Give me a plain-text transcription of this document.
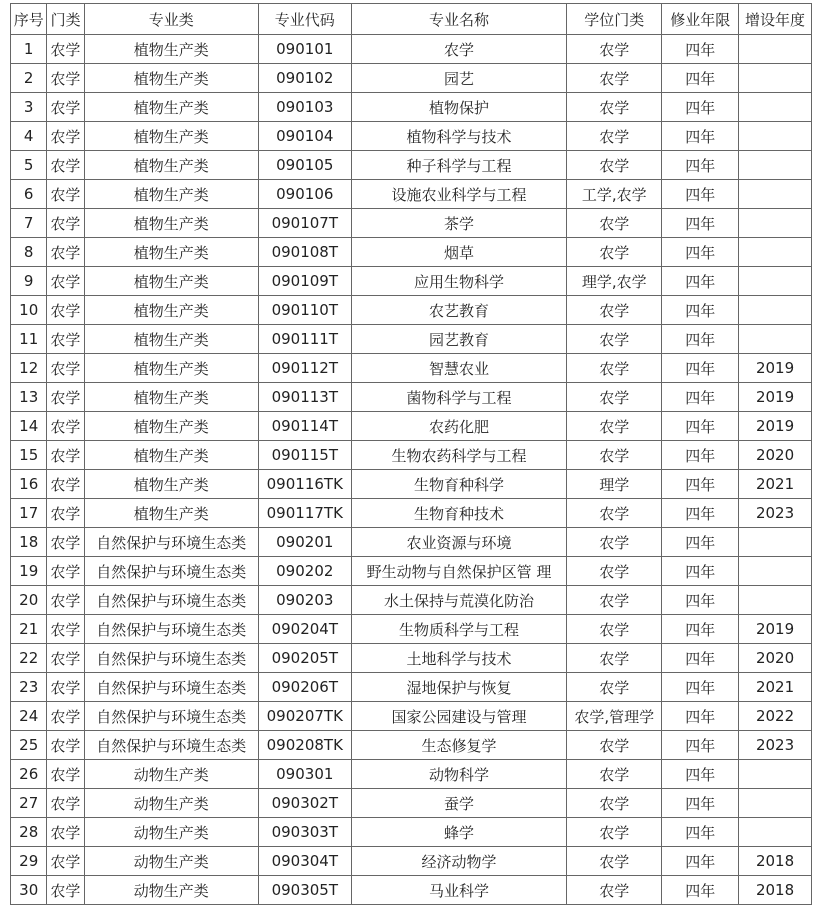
序号	门类	专业类	专业代码	专业名称	学位门类	修业年限	增设年度
1	农学	植物生产类	090101	农学	农学	四年	
2	农学	植物生产类	090102	园艺	农学	四年	
3	农学	植物生产类	090103	植物保护	农学	四年	
4	农学	植物生产类	090104	植物科学与技术	农学	四年	
5	农学	植物生产类	090105	种子科学与工程	农学	四年	
6	农学	植物生产类	090106	设施农业科学与工程	工学,农学	四年	
7	农学	植物生产类	090107T	茶学	农学	四年	
8	农学	植物生产类	090108T	烟草	农学	四年	
9	农学	植物生产类	090109T	应用生物科学	理学,农学	四年	
10	农学	植物生产类	090110T	农艺教育	农学	四年	
11	农学	植物生产类	090111T	园艺教育	农学	四年	
12	农学	植物生产类	090112T	智慧农业	农学	四年	2019
13	农学	植物生产类	090113T	菌物科学与工程	农学	四年	2019
14	农学	植物生产类	090114T	农药化肥	农学	四年	2019
15	农学	植物生产类	090115T	生物农药科学与工程	农学	四年	2020
16	农学	植物生产类	090116TK	生物育种科学	理学	四年	2021
17	农学	植物生产类	090117TK	生物育种技术	农学	四年	2023
18	农学	自然保护与环境生态类	090201	农业资源与环境	农学	四年	
19	农学	自然保护与环境生态类	090202	野生动物与自然保护区管 理	农学	四年	
20	农学	自然保护与环境生态类	090203	水土保持与荒漠化防治	农学	四年	
21	农学	自然保护与环境生态类	090204T	生物质科学与工程	农学	四年	2019
22	农学	自然保护与环境生态类	090205T	土地科学与技术	农学	四年	2020
23	农学	自然保护与环境生态类	090206T	湿地保护与恢复	农学	四年	2021
24	农学	自然保护与环境生态类	090207TK	国家公园建设与管理	农学,管理学	四年	2022
25	农学	自然保护与环境生态类	090208TK	生态修复学	农学	四年	2023
26	农学	动物生产类	090301	动物科学	农学	四年	
27	农学	动物生产类	090302T	蚕学	农学	四年	
28	农学	动物生产类	090303T	蜂学	农学	四年	
29	农学	动物生产类	090304T	经济动物学	农学	四年	2018
30	农学	动物生产类	090305T	马业科学	农学	四年	2018
